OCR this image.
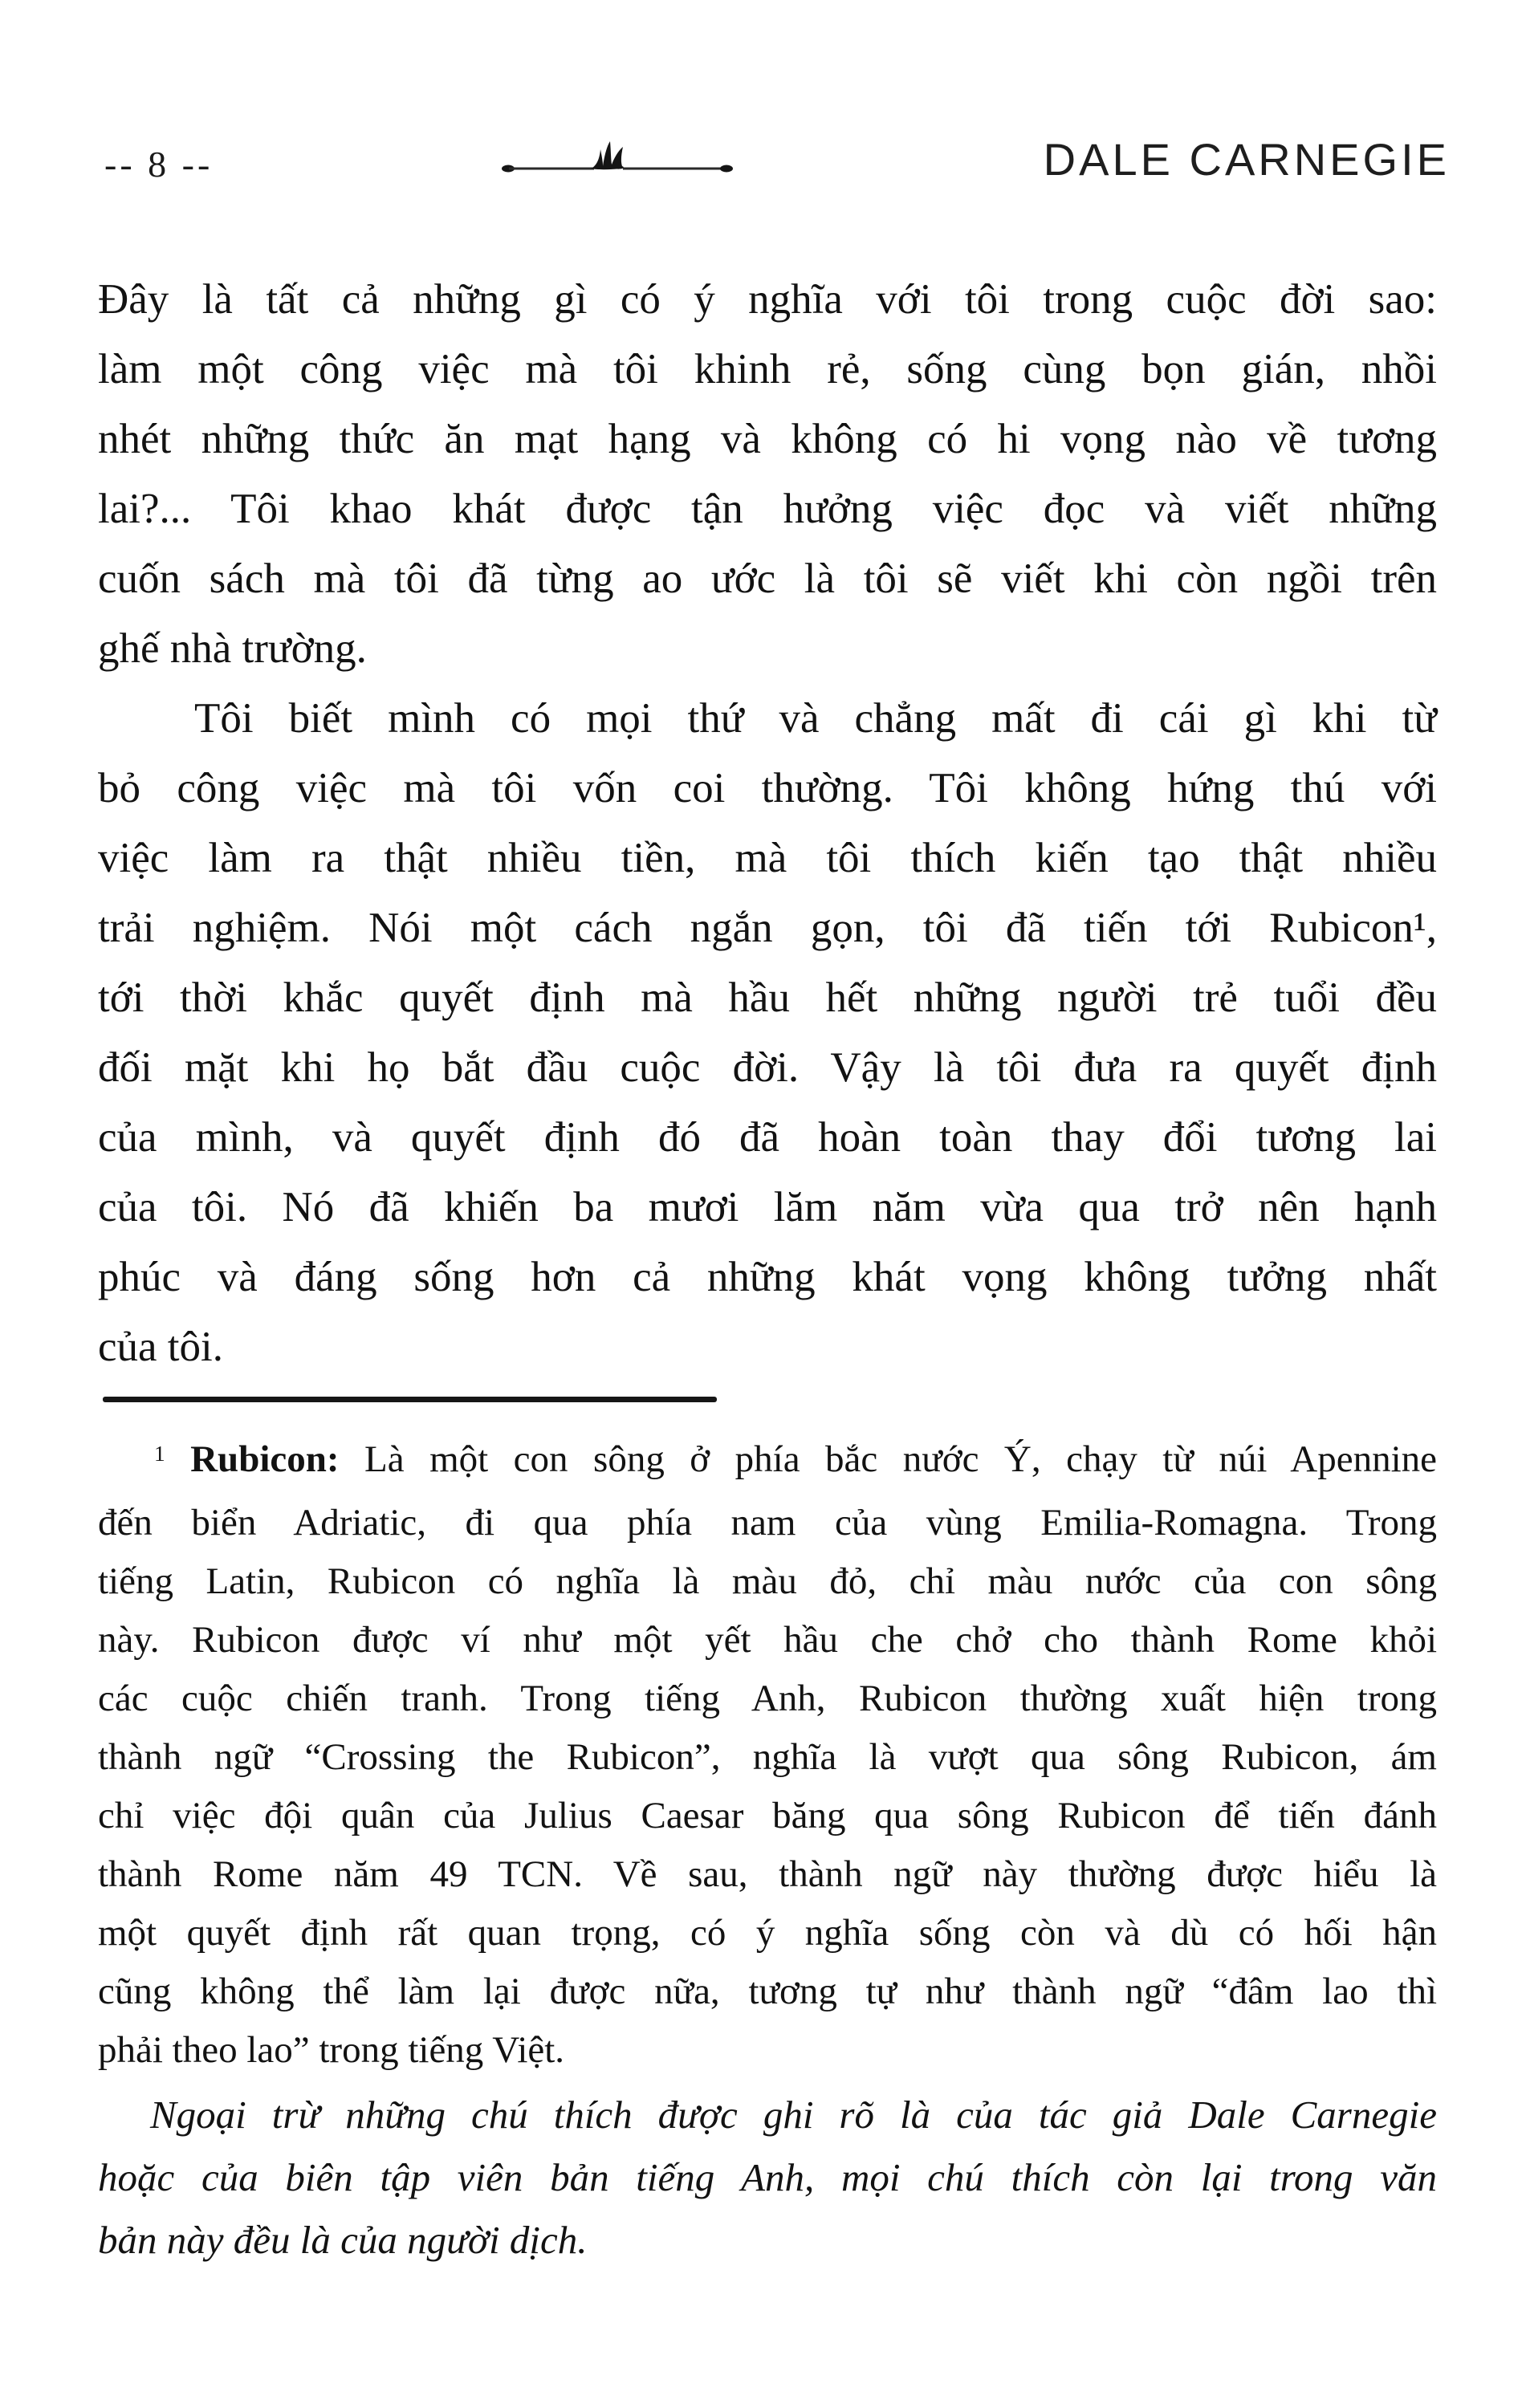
-- 8 --	DALE CARNEGIE
Đây là tất cả những gì có ý nghĩa với tôi trong cuộc đời sao:
làm một công việc mà tôi khinh rẻ, sống cùng bọn gián, nhồi
nhét những thức ăn mạt hạng và không có hi vọng nào về tương
lai?... Tôi khao khát được tận hưởng việc đọc và viết những
cuốn sách mà tôi đã từng ao ước là tôi sẽ viết khi còn ngồi trên
ghế nhà trường.
Tôi biết mình có mọi thứ và chẳng mất đi cái gì khi từ
bỏ công việc mà tôi vốn coi thường. Tôi không hứng thú với
việc làm ra thật nhiều tiền, mà tôi thích kiến tạo thật nhiều
trải nghiệm. Nói một cách ngắn gọn, tôi đã tiến tới Rubicon¹,
tới thời khắc quyết định mà hầu hết những người trẻ tuổi đều
đối mặt khi họ bắt đầu cuộc đời. Vậy là tôi đưa ra quyết định
của mình, và quyết định đó đã hoàn toàn thay đổi tương lai
của tôi. Nó đã khiến ba mươi lăm năm vừa qua trở nên hạnh
phúc và đáng sống hơn cả những khát vọng không tưởng nhất
của tôi.
$^1$ Rubicon: Là một con sông ở phía bắc nước Ý, chạy từ núi Apennine
đến biển Adriatic, đi qua phía nam của vùng Emilia-Romagna. Trong
tiếng Latin, Rubicon có nghĩa là màu đỏ, chỉ màu nước của con sông
này. Rubicon được ví như một yết hầu che chở cho thành Rome khỏi
các cuộc chiến tranh. Trong tiếng Anh, Rubicon thường xuất hiện trong
thành ngữ “Crossing the Rubicon”, nghĩa là vượt qua sông Rubicon, ám
chỉ việc đội quân của Julius Caesar băng qua sông Rubicon để tiến đánh
thành Rome năm 49 TCN. Về sau, thành ngữ này thường được hiểu là
một quyết định rất quan trọng, có ý nghĩa sống còn và dù có hối hận
cũng không thể làm lại được nữa, tương tự như thành ngữ “đâm lao thì
phải theo lao” trong tiếng Việt.
Ngoại trừ những chú thích được ghi rõ là của tác giả Dale Carnegie
hoặc của biên tập viên bản tiếng Anh, mọi chú thích còn lại trong văn
bản này đều là của người dịch.
